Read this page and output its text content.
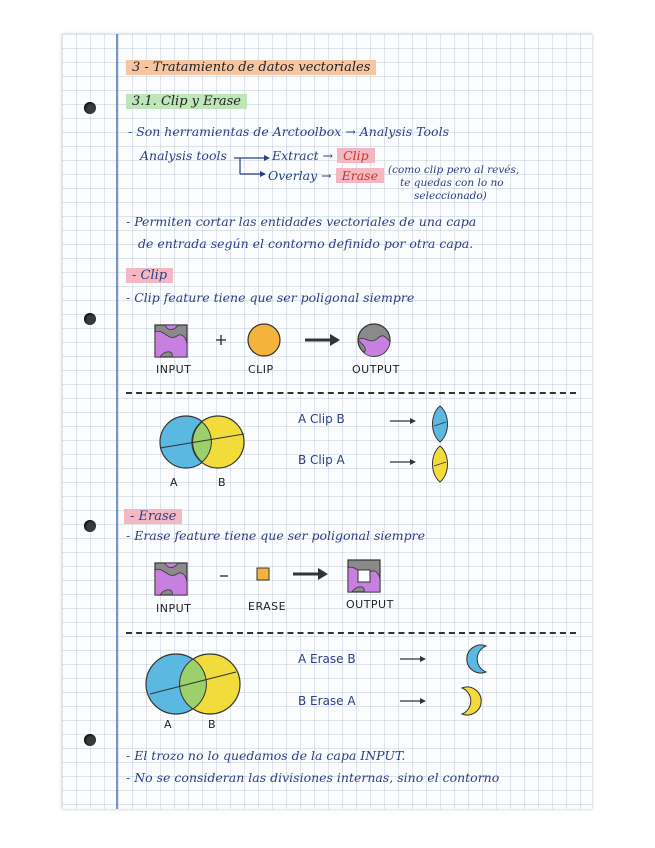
3 - Tratamiento de datos vectoriales
3.1. Clip y Erase
- Son herramientas de Arctoolbox → Analysis Tools
Analysis tools	Extract → Clip
Overlay → Erase (como clip pero al revés,
te quedas con lo no
seleccionado)
- Permiten cortar las entidades vectoriales de una capa
de entrada según el contorno definido por otra capa.
- Clip
- Clip feature tiene que ser poligonal siempre
INPUT	CLIP	OUTPUT
A	B
A Clip B
B Clip A
- Erase
- Erase feature tiene que ser poligonal siempre
INPUT	ERASE	OUTPUT
A	B
A Erase B
B Erase A
- El trozo no lo quedamos de la capa INPUT.
- No se consideran las divisiones internas, sino el contorno
